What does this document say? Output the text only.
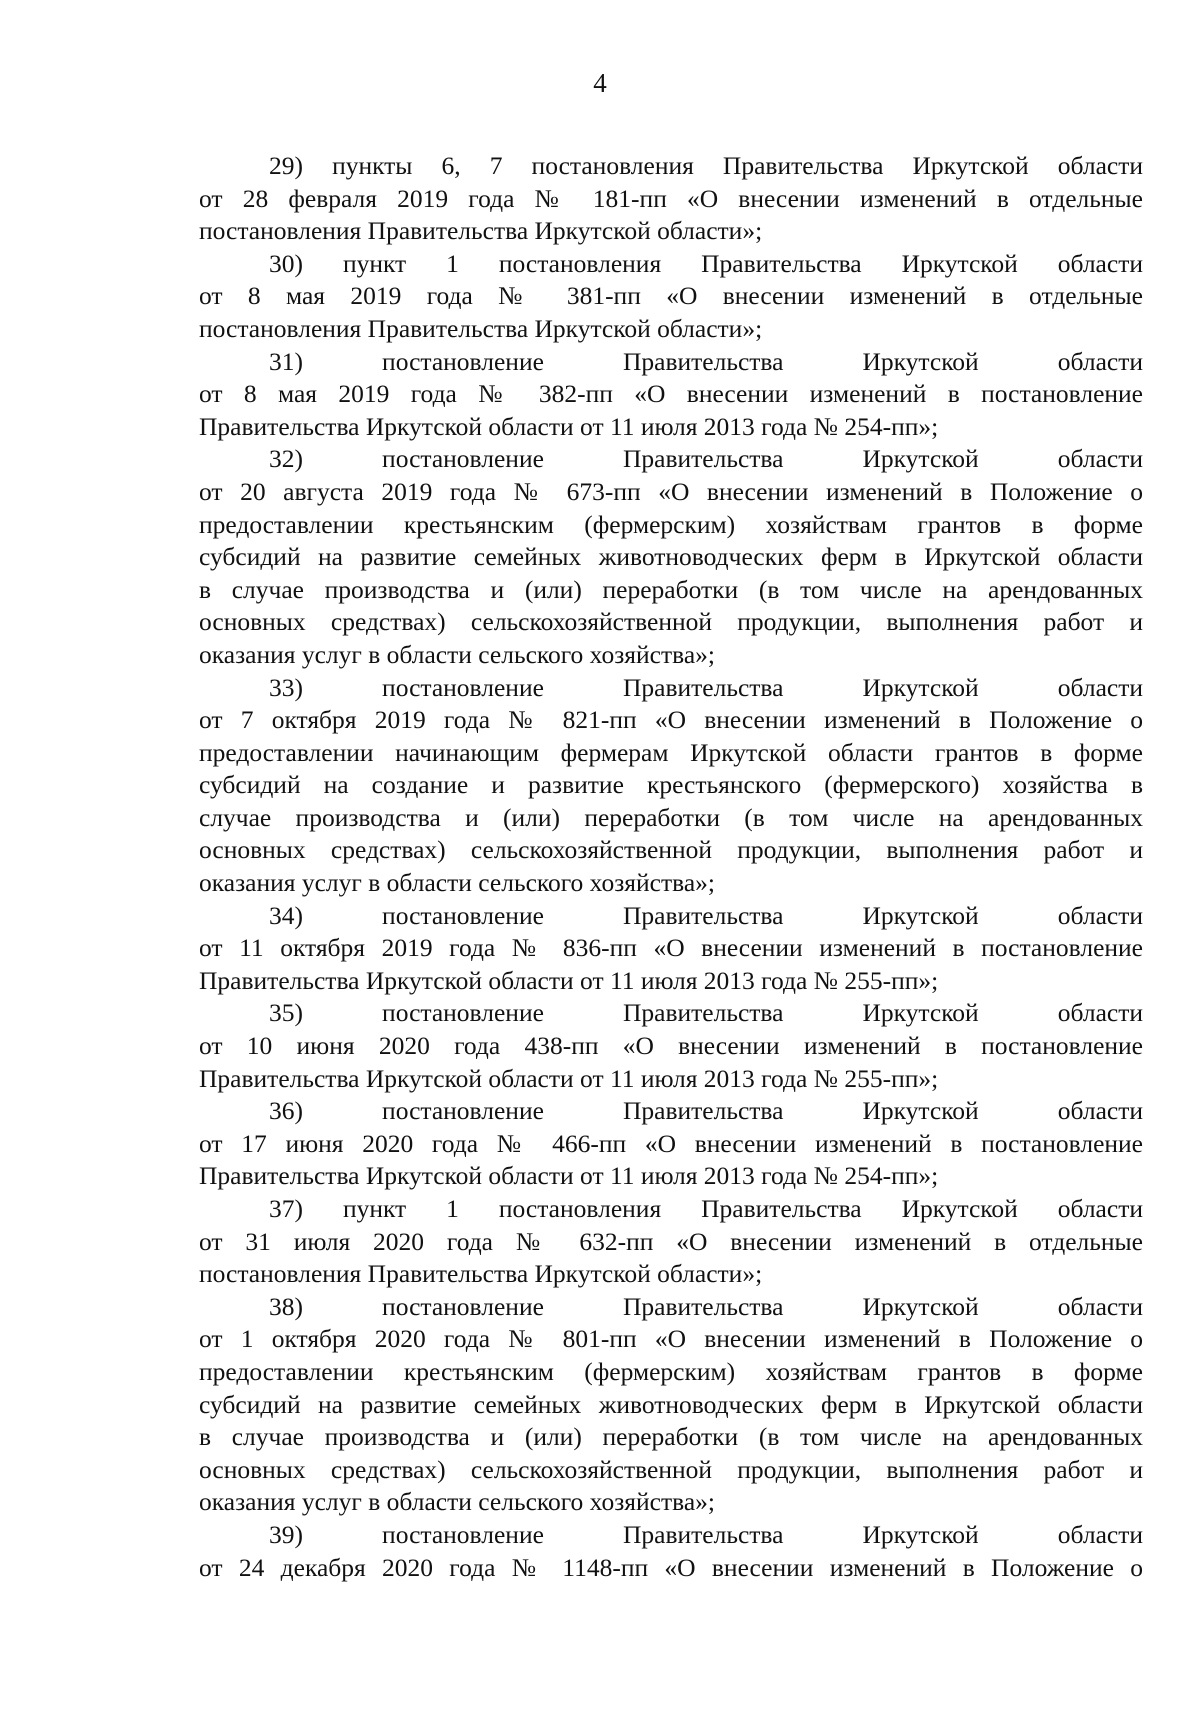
4
29) пункты 6, 7 постановления Правительства Иркутской области
от 28 февраля 2019 года № 181-пп «О внесении изменений в отдельные
постановления Правительства Иркутской области»;
30) пункт 1 постановления Правительства Иркутской области
от 8 мая 2019 года № 381-пп «О внесении изменений в отдельные
постановления Правительства Иркутской области»;
31) постановление Правительства Иркутской области
от 8 мая 2019 года № 382-пп «О внесении изменений в постановление
Правительства Иркутской области от 11 июля 2013 года № 254-пп»;
32) постановление Правительства Иркутской области
от 20 августа 2019 года № 673-пп «О внесении изменений в Положение о
предоставлении крестьянским (фермерским) хозяйствам грантов в форме
субсидий на развитие семейных животноводческих ферм в Иркутской области
в случае производства и (или) переработки (в том числе на арендованных
основных средствах) сельскохозяйственной продукции, выполнения работ и
оказания услуг в области сельского хозяйства»;
33) постановление Правительства Иркутской области
от 7 октября 2019 года № 821-пп «О внесении изменений в Положение о
предоставлении начинающим фермерам Иркутской области грантов в форме
субсидий на создание и развитие крестьянского (фермерского) хозяйства в
случае производства и (или) переработки (в том числе на арендованных
основных средствах) сельскохозяйственной продукции, выполнения работ и
оказания услуг в области сельского хозяйства»;
34) постановление Правительства Иркутской области
от 11 октября 2019 года № 836-пп «О внесении изменений в постановление
Правительства Иркутской области от 11 июля 2013 года № 255-пп»;
35) постановление Правительства Иркутской области
от 10 июня 2020 года 438-пп «О внесении изменений в постановление
Правительства Иркутской области от 11 июля 2013 года № 255-пп»;
36) постановление Правительства Иркутской области
от 17 июня 2020 года № 466-пп «О внесении изменений в постановление
Правительства Иркутской области от 11 июля 2013 года № 254-пп»;
37) пункт 1 постановления Правительства Иркутской области
от 31 июля 2020 года № 632-пп «О внесении изменений в отдельные
постановления Правительства Иркутской области»;
38) постановление Правительства Иркутской области
от 1 октября 2020 года № 801-пп «О внесении изменений в Положение о
предоставлении крестьянским (фермерским) хозяйствам грантов в форме
субсидий на развитие семейных животноводческих ферм в Иркутской области
в случае производства и (или) переработки (в том числе на арендованных
основных средствах) сельскохозяйственной продукции, выполнения работ и
оказания услуг в области сельского хозяйства»;
39) постановление Правительства Иркутской области
от 24 декабря 2020 года № 1148-пп «О внесении изменений в Положение о
